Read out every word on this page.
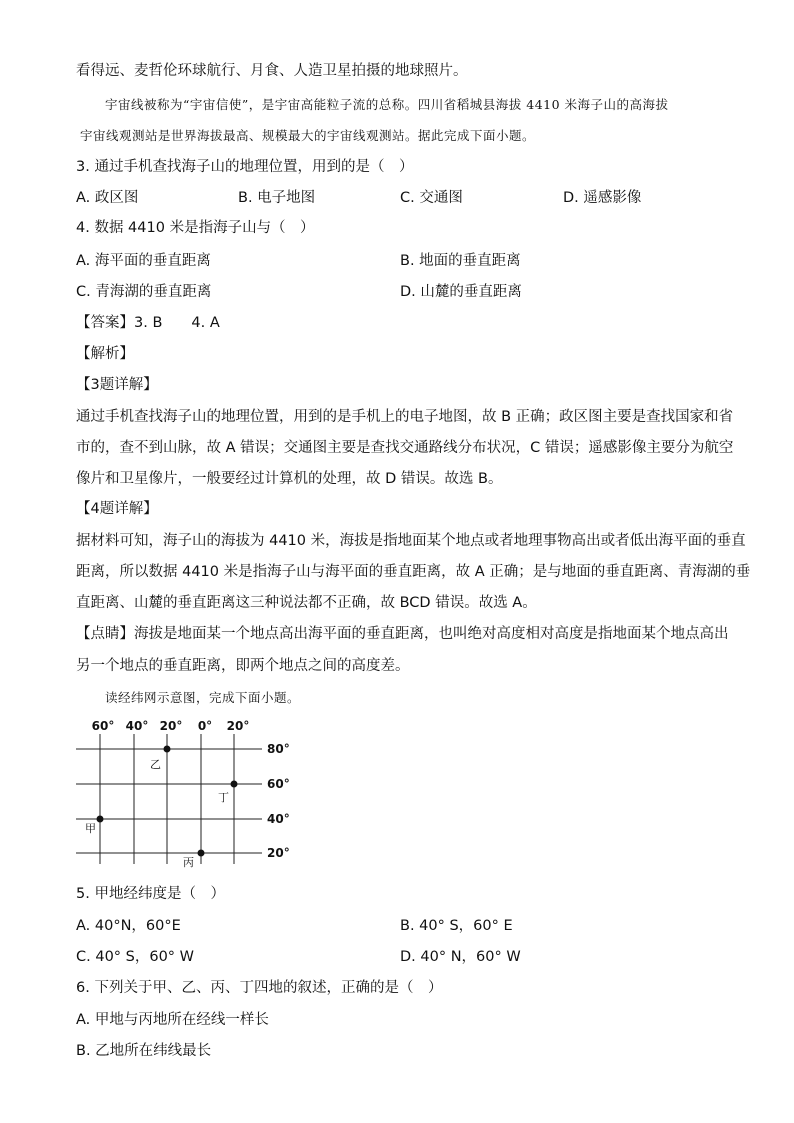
看得远、麦哲伦环球航行、月食、人造卫星拍摄的地球照片。
宇宙线被称为“宇宙信使”，是宇宙高能粒子流的总称。四川省稻城县海拔 4410 米海子山的高海拔
宇宙线观测站是世界海拔最高、规模最大的宇宙线观测站。据此完成下面小题。
3. 通过手机查找海子山的地理位置，用到的是（　）
A. 政区图	B. 电子地图	C. 交通图	D. 遥感影像
4. 数据 4410 米是指海子山与（　）
A. 海平面的垂直距离	B. 地面的垂直距离
C. 青海湖的垂直距离	D. 山麓的垂直距离
【答案】3. B　　4. A
【解析】
【3题详解】
通过手机查找海子山的地理位置，用到的是手机上的电子地图，故 B 正确；政区图主要是查找国家和省
市的，查不到山脉，故 A 错误；交通图主要是查找交通路线分布状况，C 错误；遥感影像主要分为航空
像片和卫星像片，一般要经过计算机的处理，故 D 错误。故选 B。
【4题详解】
据材料可知，海子山的海拔为 4410 米，海拔是指地面某个地点或者地理事物高出或者低出海平面的垂直
距离，所以数据 4410 米是指海子山与海平面的垂直距离，故 A 正确；是与地面的垂直距离、青海湖的垂
直距离、山麓的垂直距离这三种说法都不正确，故 BCD 错误。故选 A。
【点睛】海拔是地面某一个地点高出海平面的垂直距离，也叫绝对高度相对高度是指地面某个地点高出
另一个地点的垂直距离，即两个地点之间的高度差。
读经纬网示意图，完成下面小题。
60° 40° 20° 0° 20°
80°
60°
40°
20°
甲
乙
丙
丁
5. 甲地经纬度是（　）
A. 40°N，60°E	B. 40° S，60° E
C. 40° S，60° W	D. 40° N，60° W
6. 下列关于甲、乙、丙、丁四地的叙述，正确的是（　）
A. 甲地与丙地所在经线一样长
B. 乙地所在纬线最长
